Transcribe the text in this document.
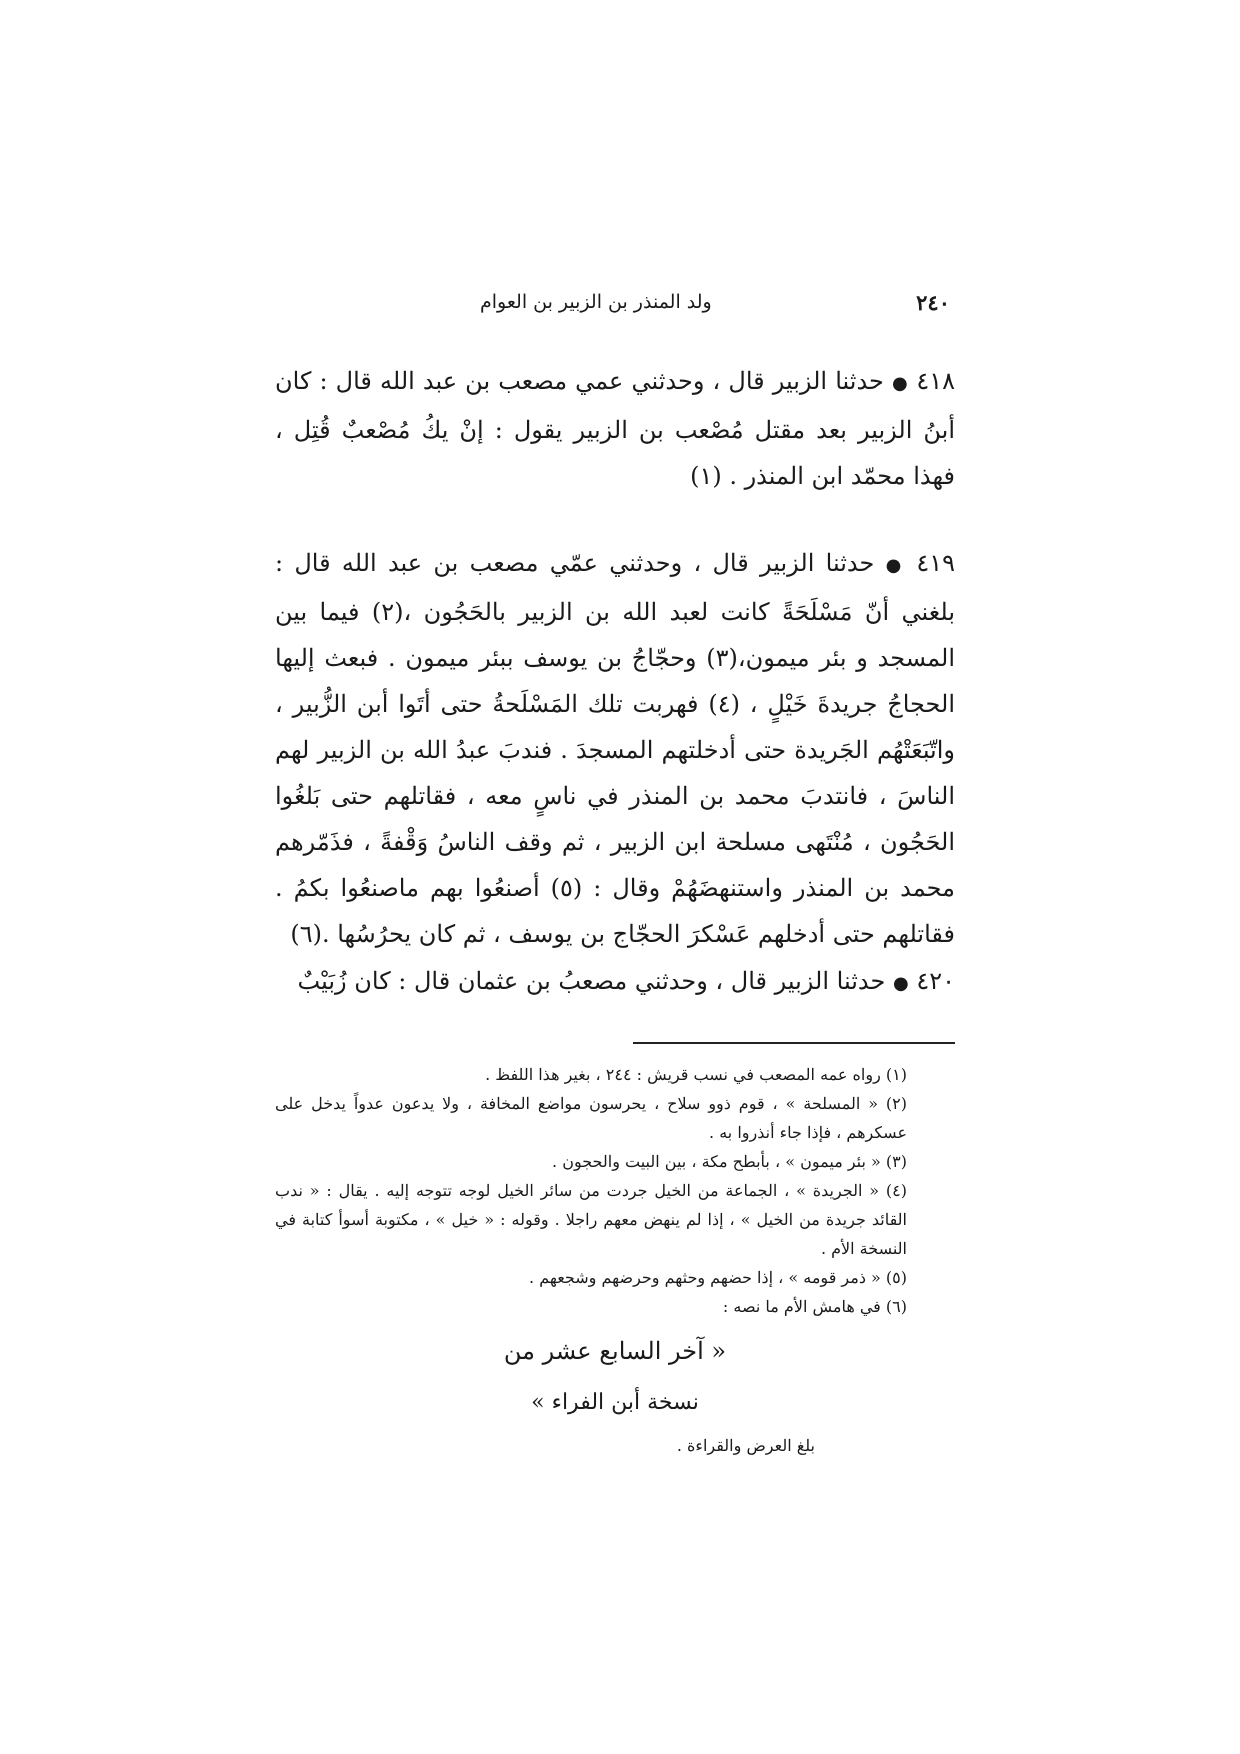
٢٤٠
ولد المنذر بن الزبير بن العوام

٤١٨ ● حدثنا الزبير قال ، وحدثني عمي مصعب بن عبد الله قال : كان أبنُ الزبير بعد مقتل مُصْعب بن الزبير يقول : إنْ يكُ مُصْعبٌ قُتِل ، فهذا محمّد ابن المنذر . (١)

٤١٩ ● حدثنا الزبير قال ، وحدثني عمّي مصعب بن عبد الله قال : بلغني أنّ مَسْلَحَةً كانت لعبد الله بن الزبير بالحَجُون ،(٢) فيما بين المسجد و بئر ميمون،(٣) وحجّاجُ بن يوسف ببئر ميمون . فبعث إليها الحجاجُ جريدةَ خَيْلٍ ، (٤) فهربت تلك المَسْلَحةُ حتى أتَوا أبن الزُّبير ، واتّبَعَتْهُم الجَريدة حتى أدخلتهم المسجدَ . فندبَ عبدُ الله بن الزبير لهم الناسَ ، فانتدبَ محمد بن المنذر في ناسٍ معه ، فقاتلهم حتى بَلغُوا الحَجُون ، مُنْتَهى مسلحة ابن الزبير ، ثم وقف الناسُ وَقْفةً ، فذَمّرهم محمد بن المنذر واستنهضَهُمْ وقال : (٥) أصنعُوا بهم ماصنعُوا بكمُ . فقاتلهم حتى أدخلهم عَسْكرَ الحجّاج بن يوسف ، ثم كان يحرُسُها .(٦)

٤٢٠ ● حدثنا الزبير قال ، وحدثني مصعبُ بن عثمان قال : كان زُبَيْبٌ

(١) رواه عمه المصعب في نسب قريش : ٢٤٤ ، بغير هذا اللفظ .

(٢) « المسلحة » ، قوم ذوو سلاح ، يحرسون مواضع المخافة ، ولا يدعون عدواً يدخل على عسكرهم ، فإذا جاء أنذروا به .

(٣) « بئر ميمون » ، بأبطح مكة ، بين البيت والحجون .

(٤) « الجريدة » ، الجماعة من الخيل جردت من سائر الخيل لوجه تتوجه إليه . يقال : « ندب القائد جريدة من الخيل » ، إذا لم ينهض معهم راجلا . وقوله : « خيل » ، مكتوبة أسوأ كتابة في النسخة الأم .

(٥) « ذمر قومه » ، إذا حضهم وحثهم وحرضهم وشجعهم .

(٦) في هامش الأم ما نصه :

« آخر السابع عشر من
نسخة أبن الفراء »
بلغ العرض والقراءة .
